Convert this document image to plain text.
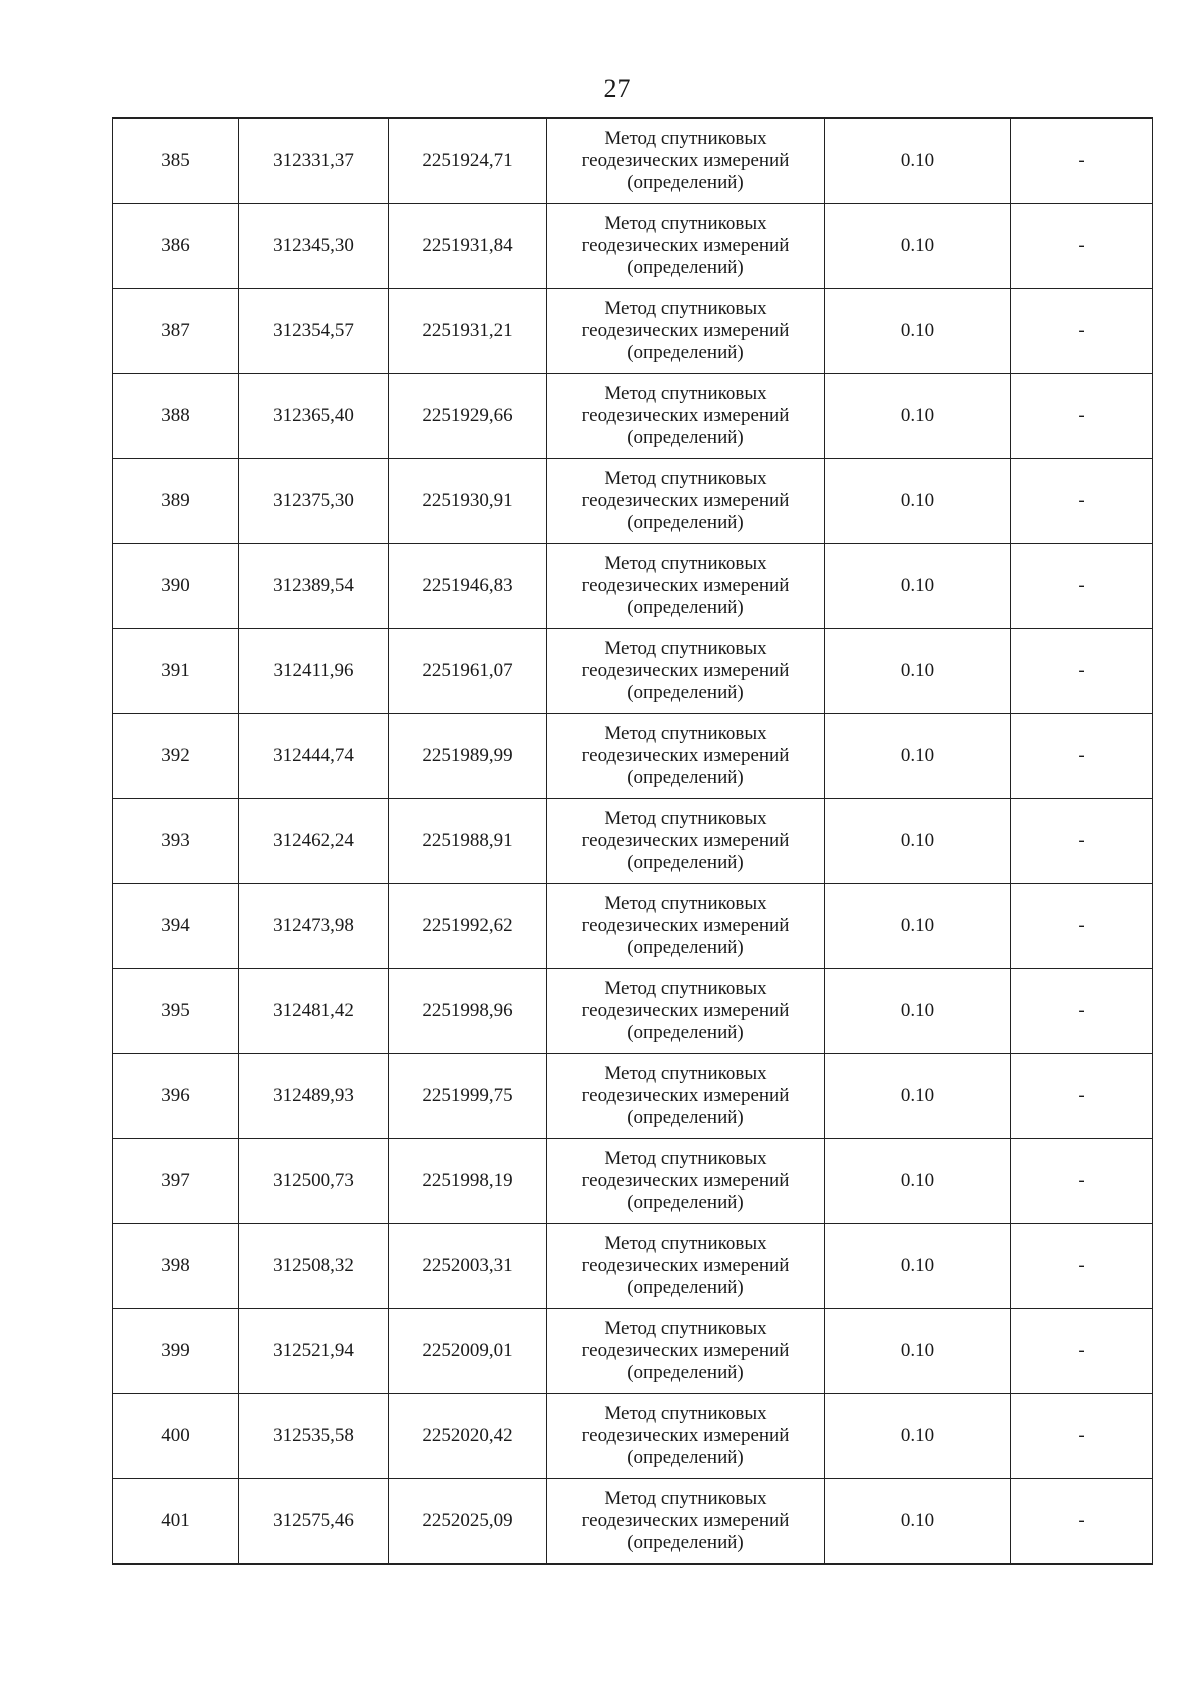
27
385	312331,37	2251924,71	Метод спутниковых
геодезических измерений
(определений)	0.10	-
386	312345,30	2251931,84	Метод спутниковых
геодезических измерений
(определений)	0.10	-
387	312354,57	2251931,21	Метод спутниковых
геодезических измерений
(определений)	0.10	-
388	312365,40	2251929,66	Метод спутниковых
геодезических измерений
(определений)	0.10	-
389	312375,30	2251930,91	Метод спутниковых
геодезических измерений
(определений)	0.10	-
390	312389,54	2251946,83	Метод спутниковых
геодезических измерений
(определений)	0.10	-
391	312411,96	2251961,07	Метод спутниковых
геодезических измерений
(определений)	0.10	-
392	312444,74	2251989,99	Метод спутниковых
геодезических измерений
(определений)	0.10	-
393	312462,24	2251988,91	Метод спутниковых
геодезических измерений
(определений)	0.10	-
394	312473,98	2251992,62	Метод спутниковых
геодезических измерений
(определений)	0.10	-
395	312481,42	2251998,96	Метод спутниковых
геодезических измерений
(определений)	0.10	-
396	312489,93	2251999,75	Метод спутниковых
геодезических измерений
(определений)	0.10	-
397	312500,73	2251998,19	Метод спутниковых
геодезических измерений
(определений)	0.10	-
398	312508,32	2252003,31	Метод спутниковых
геодезических измерений
(определений)	0.10	-
399	312521,94	2252009,01	Метод спутниковых
геодезических измерений
(определений)	0.10	-
400	312535,58	2252020,42	Метод спутниковых
геодезических измерений
(определений)	0.10	-
401	312575,46	2252025,09	Метод спутниковых
геодезических измерений
(определений)	0.10	-
